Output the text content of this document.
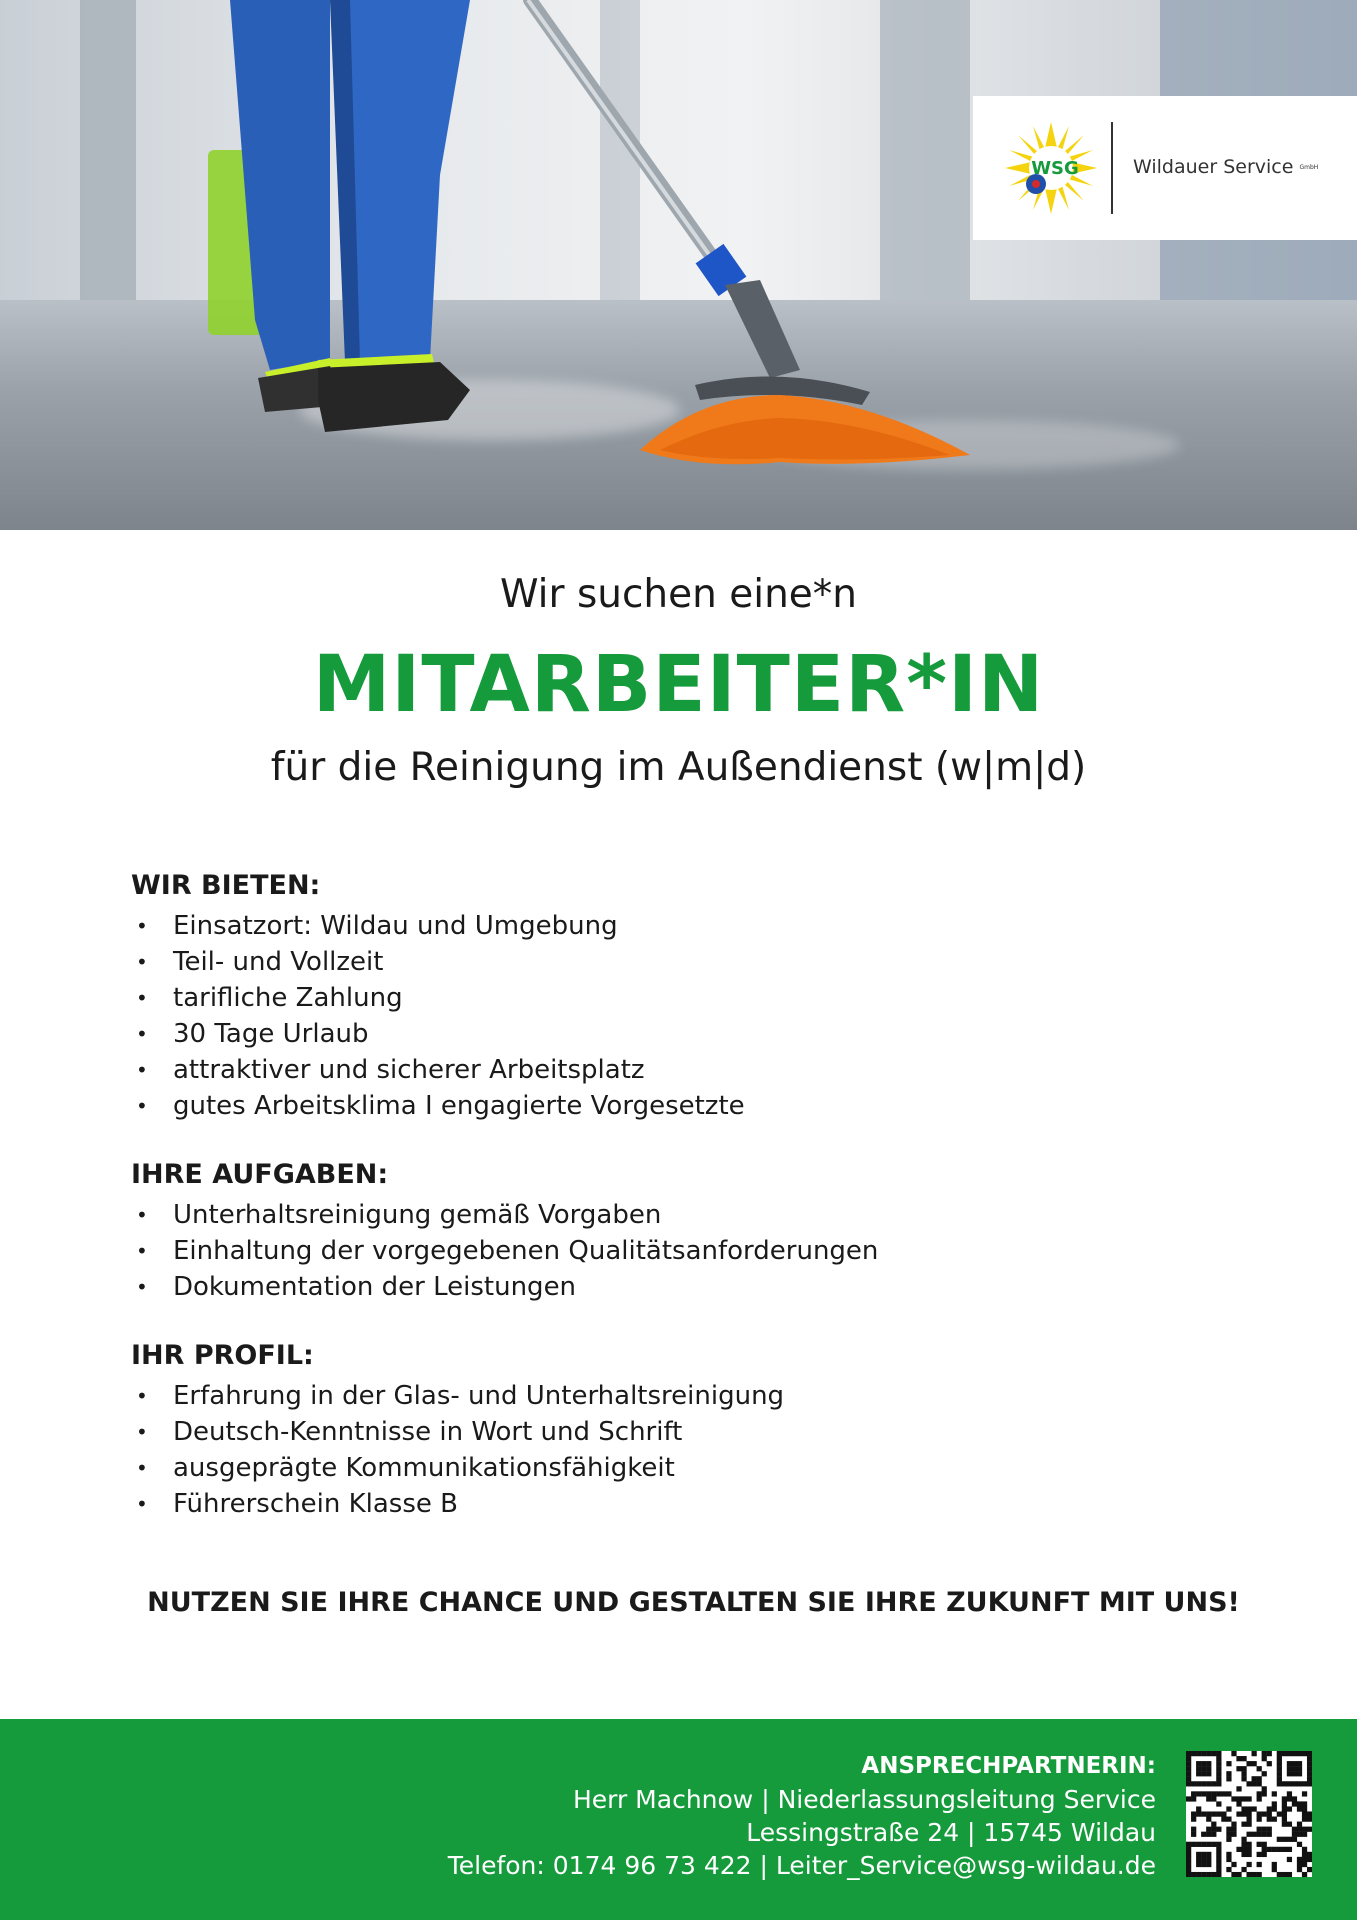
WSG	Wildauer Service GmbH
Wir suchen eine*n
MITARBEITER*IN
für die Reinigung im Außendienst (w|m|d)
WIR BIETEN:
• Einsatzort: Wildau und Umgebung
• Teil- und Vollzeit
• tarifliche Zahlung
• 30 Tage Urlaub
• attraktiver und sicherer Arbeitsplatz
• gutes Arbeitsklima I engagierte Vorgesetzte
IHRE AUFGABEN:
• Unterhaltsreinigung gemäß Vorgaben
• Einhaltung der vorgegebenen Qualitätsanforderungen
• Dokumentation der Leistungen
IHR PROFIL:
• Erfahrung in der Glas- und Unterhaltsreinigung
• Deutsch-Kenntnisse in Wort und Schrift
• ausgeprägte Kommunikationsfähigkeit
• Führerschein Klasse B
NUTZEN SIE IHRE CHANCE UND GESTALTEN SIE IHRE ZUKUNFT MIT UNS!
ANSPRECHPARTNERIN:
Herr Machnow | Niederlassungsleitung Service
Lessingstraße 24 | 15745 Wildau
Telefon: 0174 96 73 422 | Leiter_Service@wsg-wildau.de
